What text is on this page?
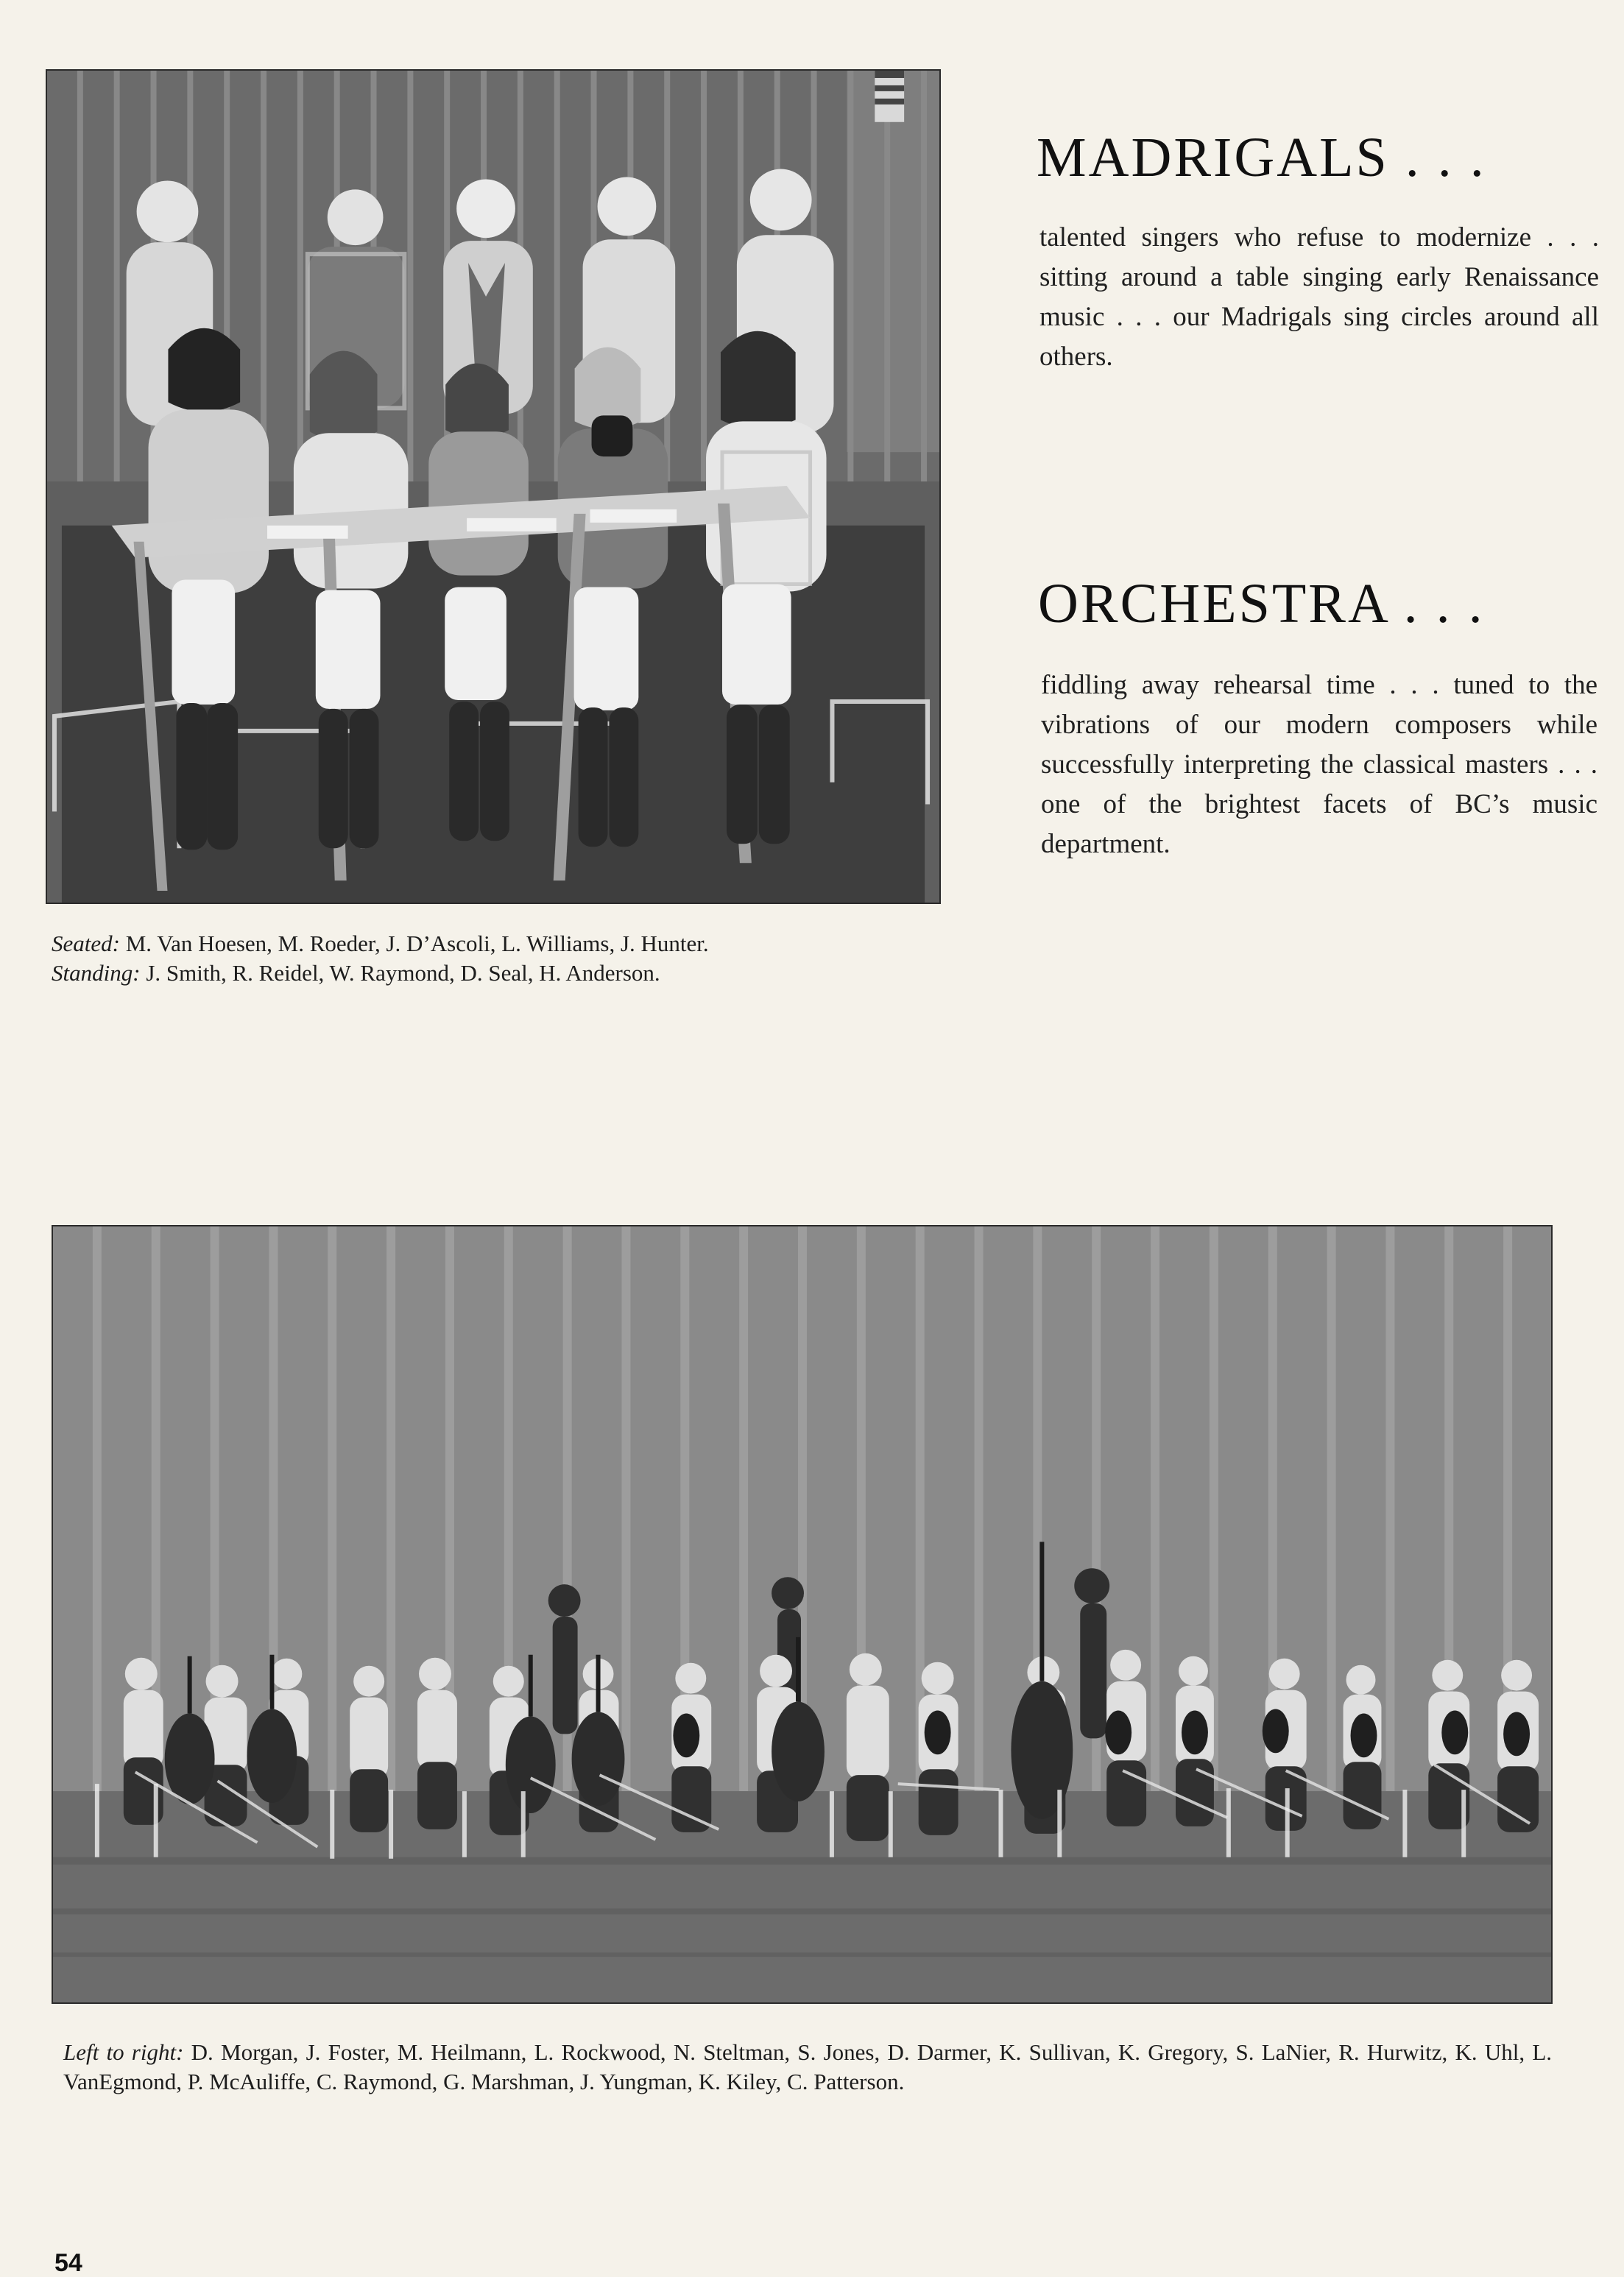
MADRIGALS . . .

talented singers who refuse to modernize . . . sitting around a table singing early Renaissance music . . . our Madrigals sing circles around all others.

ORCHESTRA . . .

fiddling away rehearsal time . . . tuned to the vibrations of our modern composers while successfully interpreting the classical masters . . . one of the brightest facets of BC’s music department.

Seated: M. Van Hoesen, M. Roeder, J. D’Ascoli, L. Williams, J. Hunter.
Standing: J. Smith, R. Reidel, W. Raymond, D. Seal, H. Anderson.
Left to right: D. Morgan, J. Foster, M. Heilmann, L. Rockwood, N. Steltman, S. Jones, D. Darmer, K. Sullivan, K. Gregory, S. LaNier, R. Hurwitz, K. Uhl, L. VanEgmond, P. McAuliffe, C. Raymond, G. Marshman, J. Yungman, K. Kiley, C. Patterson.

54
